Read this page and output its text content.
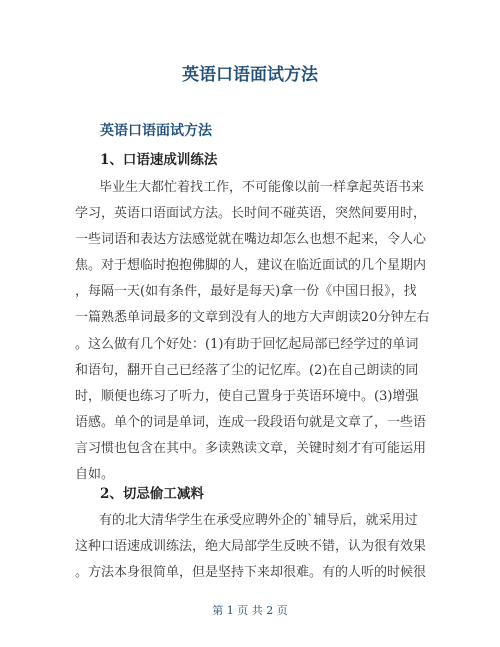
英语口语面试方法
英语口语面试方法
1、口语速成训练法
毕业生大都忙着找工作，不可能像以前一样拿起英语书来
学习，英语口语面试方法。长时间不碰英语，突然间要用时，
一些词语和表达方法感觉就在嘴边却怎么也想不起来，令人心
焦。对于想临时抱抱佛脚的人，建议在临近面试的几个星期内
，每隔一天(如有条件，最好是每天)拿一份《中国日报》，找
一篇熟悉单词最多的文章到没有人的地方大声朗读20分钟左右
。这么做有几个好处：(1)有助于回忆起局部已经学过的单词
和语句，翻开自己已经落了尘的记忆库。(2)在自己朗读的同
时，顺便也练习了听力，使自己置身于英语环境中。(3)增强
语感。单个的词是单词，连成一段段语句就是文章了，一些语
言习惯也包含在其中。多读熟读文章，关键时刻才有可能运用
自如。
2、切忌偷工减料
有的北大清华学生在承受应聘外企的`辅导后，就采用过
这种口语速成训练法，绝大局部学生反映不错，认为很有效果
。方法本身很简单，但是坚持下来却很难。有的人听的时候很
第 1 页 共 2 页
